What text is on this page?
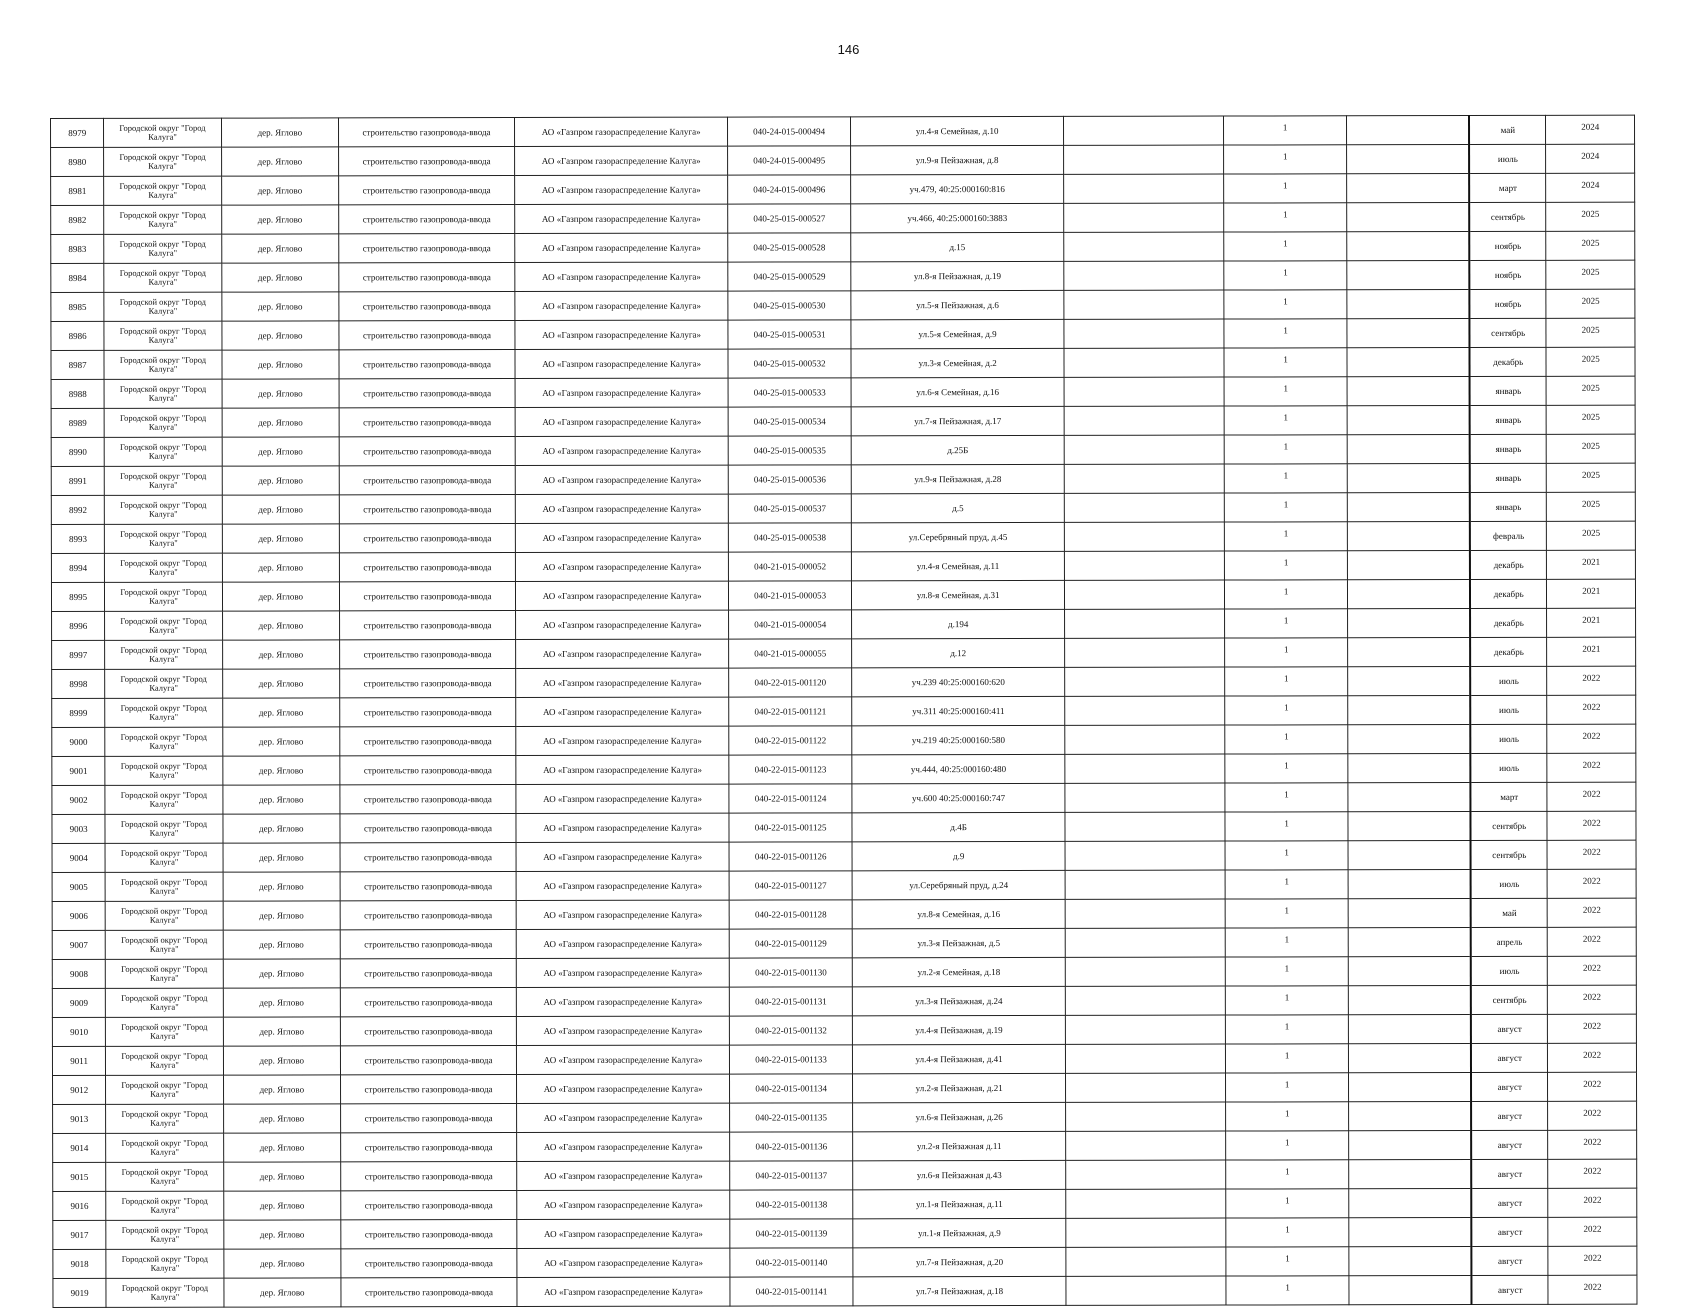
146
8979	Городской округ "Город Калуга"	дер. Яглово	строительство газопровода-ввода	АО «Газпром газораспределение Калуга»	040-24-015-000494	ул.4-я Семейная, д.10		1		май	2024
8980	Городской округ "Город Калуга"	дер. Яглово	строительство газопровода-ввода	АО «Газпром газораспределение Калуга»	040-24-015-000495	ул.9-я Пейзажная, д.8		1		июль	2024
8981	Городской округ "Город Калуга"	дер. Яглово	строительство газопровода-ввода	АО «Газпром газораспределение Калуга»	040-24-015-000496	уч.479, 40:25:000160:816		1		март	2024
8982	Городской округ "Город Калуга"	дер. Яглово	строительство газопровода-ввода	АО «Газпром газораспределение Калуга»	040-25-015-000527	уч.466, 40:25:000160:3883		1		сентябрь	2025
8983	Городской округ "Город Калуга"	дер. Яглово	строительство газопровода-ввода	АО «Газпром газораспределение Калуга»	040-25-015-000528	д.15		1		ноябрь	2025
8984	Городской округ "Город Калуга"	дер. Яглово	строительство газопровода-ввода	АО «Газпром газораспределение Калуга»	040-25-015-000529	ул.8-я Пейзажная, д.19		1		ноябрь	2025
8985	Городской округ "Город Калуга"	дер. Яглово	строительство газопровода-ввода	АО «Газпром газораспределение Калуга»	040-25-015-000530	ул.5-я Пейзажная, д.6		1		ноябрь	2025
8986	Городской округ "Город Калуга"	дер. Яглово	строительство газопровода-ввода	АО «Газпром газораспределение Калуга»	040-25-015-000531	ул.5-я Семейная, д.9		1		сентябрь	2025
8987	Городской округ "Город Калуга"	дер. Яглово	строительство газопровода-ввода	АО «Газпром газораспределение Калуга»	040-25-015-000532	ул.3-я Семейная, д.2		1		декабрь	2025
8988	Городской округ "Город Калуга"	дер. Яглово	строительство газопровода-ввода	АО «Газпром газораспределение Калуга»	040-25-015-000533	ул.6-я Семейная, д.16		1		январь	2025
8989	Городской округ "Город Калуга"	дер. Яглово	строительство газопровода-ввода	АО «Газпром газораспределение Калуга»	040-25-015-000534	ул.7-я Пейзажная, д.17		1		январь	2025
8990	Городской округ "Город Калуга"	дер. Яглово	строительство газопровода-ввода	АО «Газпром газораспределение Калуга»	040-25-015-000535	д.25Б		1		январь	2025
8991	Городской округ "Город Калуга"	дер. Яглово	строительство газопровода-ввода	АО «Газпром газораспределение Калуга»	040-25-015-000536	ул.9-я Пейзажная, д.28		1		январь	2025
8992	Городской округ "Город Калуга"	дер. Яглово	строительство газопровода-ввода	АО «Газпром газораспределение Калуга»	040-25-015-000537	д.5		1		январь	2025
8993	Городской округ "Город Калуга"	дер. Яглово	строительство газопровода-ввода	АО «Газпром газораспределение Калуга»	040-25-015-000538	ул.Серебряный пруд, д.45		1		февраль	2025
8994	Городской округ "Город Калуга"	дер. Яглово	строительство газопровода-ввода	АО «Газпром газораспределение Калуга»	040-21-015-000052	ул.4-я Семейная, д.11		1		декабрь	2021
8995	Городской округ "Город Калуга"	дер. Яглово	строительство газопровода-ввода	АО «Газпром газораспределение Калуга»	040-21-015-000053	ул.8-я Семейная, д.31		1		декабрь	2021
8996	Городской округ "Город Калуга"	дер. Яглово	строительство газопровода-ввода	АО «Газпром газораспределение Калуга»	040-21-015-000054	д.194		1		декабрь	2021
8997	Городской округ "Город Калуга"	дер. Яглово	строительство газопровода-ввода	АО «Газпром газораспределение Калуга»	040-21-015-000055	д.12		1		декабрь	2021
8998	Городской округ "Город Калуга"	дер. Яглово	строительство газопровода-ввода	АО «Газпром газораспределение Калуга»	040-22-015-001120	уч.239 40:25:000160:620		1		июль	2022
8999	Городской округ "Город Калуга"	дер. Яглово	строительство газопровода-ввода	АО «Газпром газораспределение Калуга»	040-22-015-001121	уч.311 40:25:000160:411		1		июль	2022
9000	Городской округ "Город Калуга"	дер. Яглово	строительство газопровода-ввода	АО «Газпром газораспределение Калуга»	040-22-015-001122	уч.219 40:25:000160:580		1		июль	2022
9001	Городской округ "Город Калуга"	дер. Яглово	строительство газопровода-ввода	АО «Газпром газораспределение Калуга»	040-22-015-001123	уч.444, 40:25:000160:480		1		июль	2022
9002	Городской округ "Город Калуга"	дер. Яглово	строительство газопровода-ввода	АО «Газпром газораспределение Калуга»	040-22-015-001124	уч.600 40:25:000160:747		1		март	2022
9003	Городской округ "Город Калуга"	дер. Яглово	строительство газопровода-ввода	АО «Газпром газораспределение Калуга»	040-22-015-001125	д.4Б		1		сентябрь	2022
9004	Городской округ "Город Калуга"	дер. Яглово	строительство газопровода-ввода	АО «Газпром газораспределение Калуга»	040-22-015-001126	д.9		1		сентябрь	2022
9005	Городской округ "Город Калуга"	дер. Яглово	строительство газопровода-ввода	АО «Газпром газораспределение Калуга»	040-22-015-001127	ул.Серебряный пруд, д.24		1		июль	2022
9006	Городской округ "Город Калуга"	дер. Яглово	строительство газопровода-ввода	АО «Газпром газораспределение Калуга»	040-22-015-001128	ул.8-я Семейная, д.16		1		май	2022
9007	Городской округ "Город Калуга"	дер. Яглово	строительство газопровода-ввода	АО «Газпром газораспределение Калуга»	040-22-015-001129	ул.3-я Пейзажная, д.5		1		апрель	2022
9008	Городской округ "Город Калуга"	дер. Яглово	строительство газопровода-ввода	АО «Газпром газораспределение Калуга»	040-22-015-001130	ул.2-я Семейная, д.18		1		июль	2022
9009	Городской округ "Город Калуга"	дер. Яглово	строительство газопровода-ввода	АО «Газпром газораспределение Калуга»	040-22-015-001131	ул.3-я Пейзажная, д.24		1		сентябрь	2022
9010	Городской округ "Город Калуга"	дер. Яглово	строительство газопровода-ввода	АО «Газпром газораспределение Калуга»	040-22-015-001132	ул.4-я Пейзажная, д.19		1		август	2022
9011	Городской округ "Город Калуга"	дер. Яглово	строительство газопровода-ввода	АО «Газпром газораспределение Калуга»	040-22-015-001133	ул.4-я Пейзажная, д.41		1		август	2022
9012	Городской округ "Город Калуга"	дер. Яглово	строительство газопровода-ввода	АО «Газпром газораспределение Калуга»	040-22-015-001134	ул.2-я Пейзажная, д.21		1		август	2022
9013	Городской округ "Город Калуга"	дер. Яглово	строительство газопровода-ввода	АО «Газпром газораспределение Калуга»	040-22-015-001135	ул.6-я Пейзажная, д.26		1		август	2022
9014	Городской округ "Город Калуга"	дер. Яглово	строительство газопровода-ввода	АО «Газпром газораспределение Калуга»	040-22-015-001136	ул.2-я Пейзажная д.11		1		август	2022
9015	Городской округ "Город Калуга"	дер. Яглово	строительство газопровода-ввода	АО «Газпром газораспределение Калуга»	040-22-015-001137	ул.6-я Пейзажная д.43		1		август	2022
9016	Городской округ "Город Калуга"	дер. Яглово	строительство газопровода-ввода	АО «Газпром газораспределение Калуга»	040-22-015-001138	ул.1-я Пейзажная, д.11		1		август	2022
9017	Городской округ "Город Калуга"	дер. Яглово	строительство газопровода-ввода	АО «Газпром газораспределение Калуга»	040-22-015-001139	ул.1-я Пейзажная, д.9		1		август	2022
9018	Городской округ "Город Калуга"	дер. Яглово	строительство газопровода-ввода	АО «Газпром газораспределение Калуга»	040-22-015-001140	ул.7-я Пейзажная, д.20		1		август	2022
9019	Городской округ "Город Калуга"	дер. Яглово	строительство газопровода-ввода	АО «Газпром газораспределение Калуга»	040-22-015-001141	ул.7-я Пейзажная, д.18		1		август	2022
